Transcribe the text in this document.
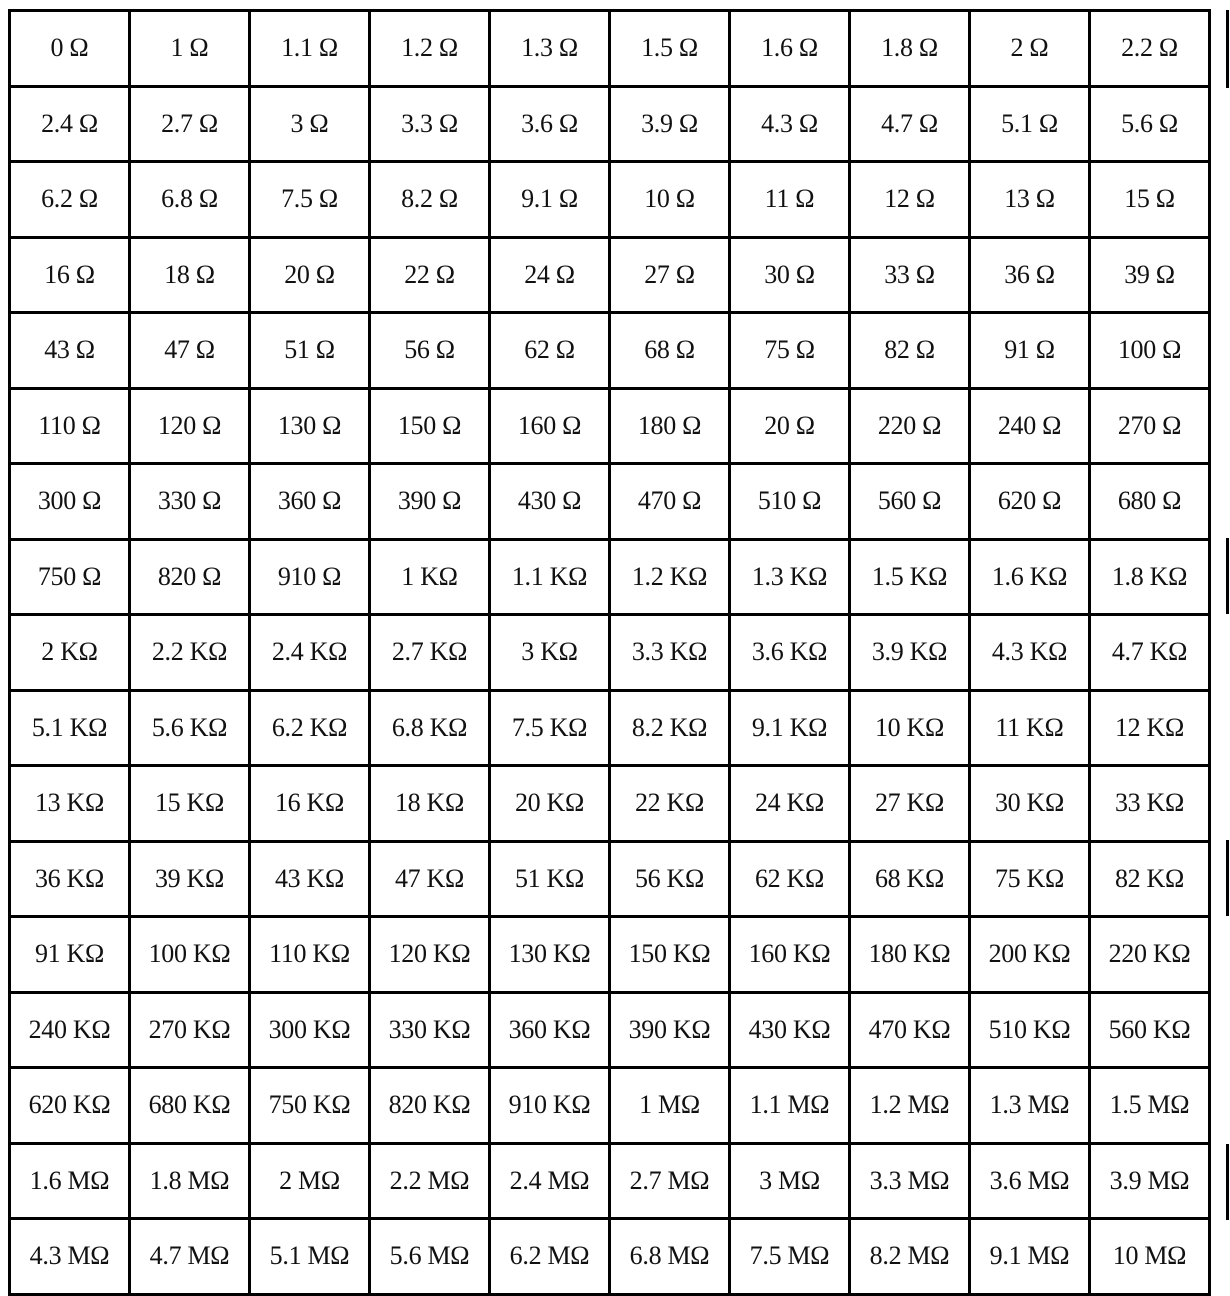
0 Ω	1 Ω	1.1 Ω	1.2 Ω	1.3 Ω	1.5 Ω	1.6 Ω	1.8 Ω	2 Ω	2.2 Ω
2.4 Ω	2.7 Ω	3 Ω	3.3 Ω	3.6 Ω	3.9 Ω	4.3 Ω	4.7 Ω	5.1 Ω	5.6 Ω
6.2 Ω	6.8 Ω	7.5 Ω	8.2 Ω	9.1 Ω	10 Ω	11 Ω	12 Ω	13 Ω	15 Ω
16 Ω	18 Ω	20 Ω	22 Ω	24 Ω	27 Ω	30 Ω	33 Ω	36 Ω	39 Ω
43 Ω	47 Ω	51 Ω	56 Ω	62 Ω	68 Ω	75 Ω	82 Ω	91 Ω	100 Ω
110 Ω	120 Ω	130 Ω	150 Ω	160 Ω	180 Ω	20 Ω	220 Ω	240 Ω	270 Ω
300 Ω	330 Ω	360 Ω	390 Ω	430 Ω	470 Ω	510 Ω	560 Ω	620 Ω	680 Ω
750 Ω	820 Ω	910 Ω	1 KΩ	1.1 KΩ	1.2 KΩ	1.3 KΩ	1.5 KΩ	1.6 KΩ	1.8 KΩ
2 KΩ	2.2 KΩ	2.4 KΩ	2.7 KΩ	3 KΩ	3.3 KΩ	3.6 KΩ	3.9 KΩ	4.3 KΩ	4.7 KΩ
5.1 KΩ	5.6 KΩ	6.2 KΩ	6.8 KΩ	7.5 KΩ	8.2 KΩ	9.1 KΩ	10 KΩ	11 KΩ	12 KΩ
13 KΩ	15 KΩ	16 KΩ	18 KΩ	20 KΩ	22 KΩ	24 KΩ	27 KΩ	30 KΩ	33 KΩ
36 KΩ	39 KΩ	43 KΩ	47 KΩ	51 KΩ	56 KΩ	62 KΩ	68 KΩ	75 KΩ	82 KΩ
91 KΩ	100 KΩ	110 KΩ	120 KΩ	130 KΩ	150 KΩ	160 KΩ	180 KΩ	200 KΩ	220 KΩ
240 KΩ	270 KΩ	300 KΩ	330 KΩ	360 KΩ	390 KΩ	430 KΩ	470 KΩ	510 KΩ	560 KΩ
620 KΩ	680 KΩ	750 KΩ	820 KΩ	910 KΩ	1 MΩ	1.1 MΩ	1.2 MΩ	1.3 MΩ	1.5 MΩ
1.6 MΩ	1.8 MΩ	2 MΩ	2.2 MΩ	2.4 MΩ	2.7 MΩ	3 MΩ	3.3 MΩ	3.6 MΩ	3.9 MΩ
4.3 MΩ	4.7 MΩ	5.1 MΩ	5.6 MΩ	6.2 MΩ	6.8 MΩ	7.5 MΩ	8.2 MΩ	9.1 MΩ	10 MΩ
